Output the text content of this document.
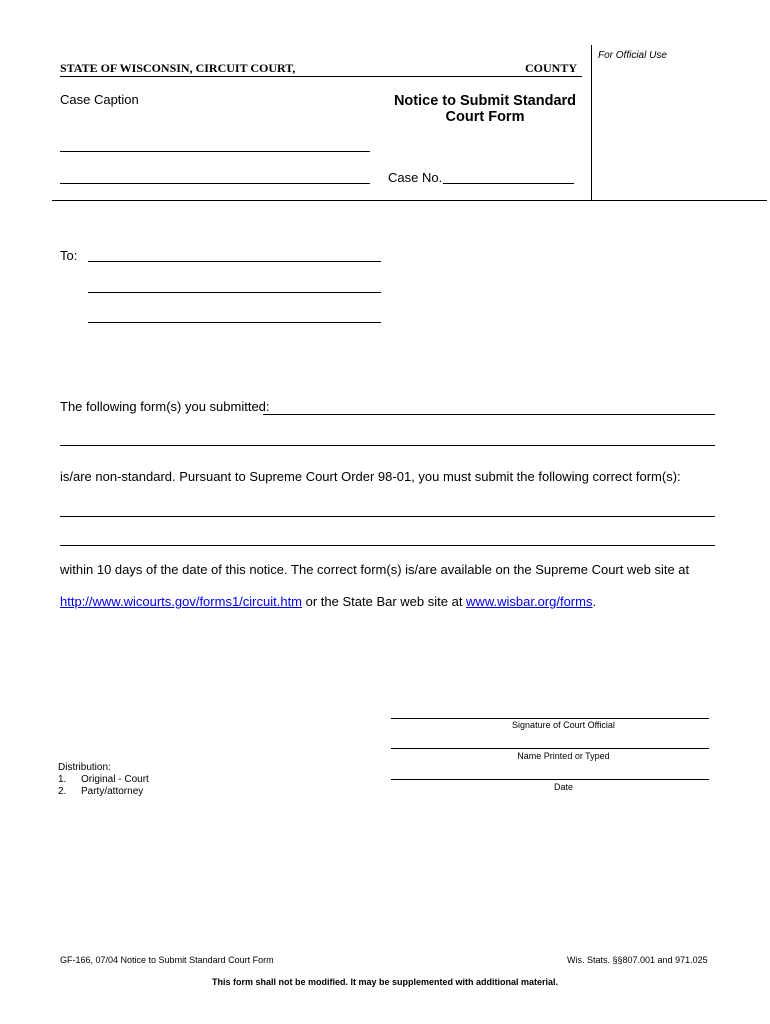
STATE OF WISCONSIN, CIRCUIT COURT,	COUNTY
For Official Use
Case Caption	Notice to Submit Standard
Court Form
Case No.
To:
The following form(s) you submitted:
is/are non-standard. Pursuant to Supreme Court Order 98-01, you must submit the following correct form(s):
within 10 days of the date of this notice. The correct form(s) is/are available on the Supreme Court web site at
http://www.wicourts.gov/forms1/circuit.htm or the State Bar web site at www.wisbar.org/forms.
Signature of Court Official
Name Printed or Typed
Date
Distribution:
1. Original - Court
2. Party/attorney
GF-166, 07/04 Notice to Submit Standard Court Form	Wis. Stats. §§807.001 and 971.025
This form shall not be modified. It may be supplemented with additional material.
